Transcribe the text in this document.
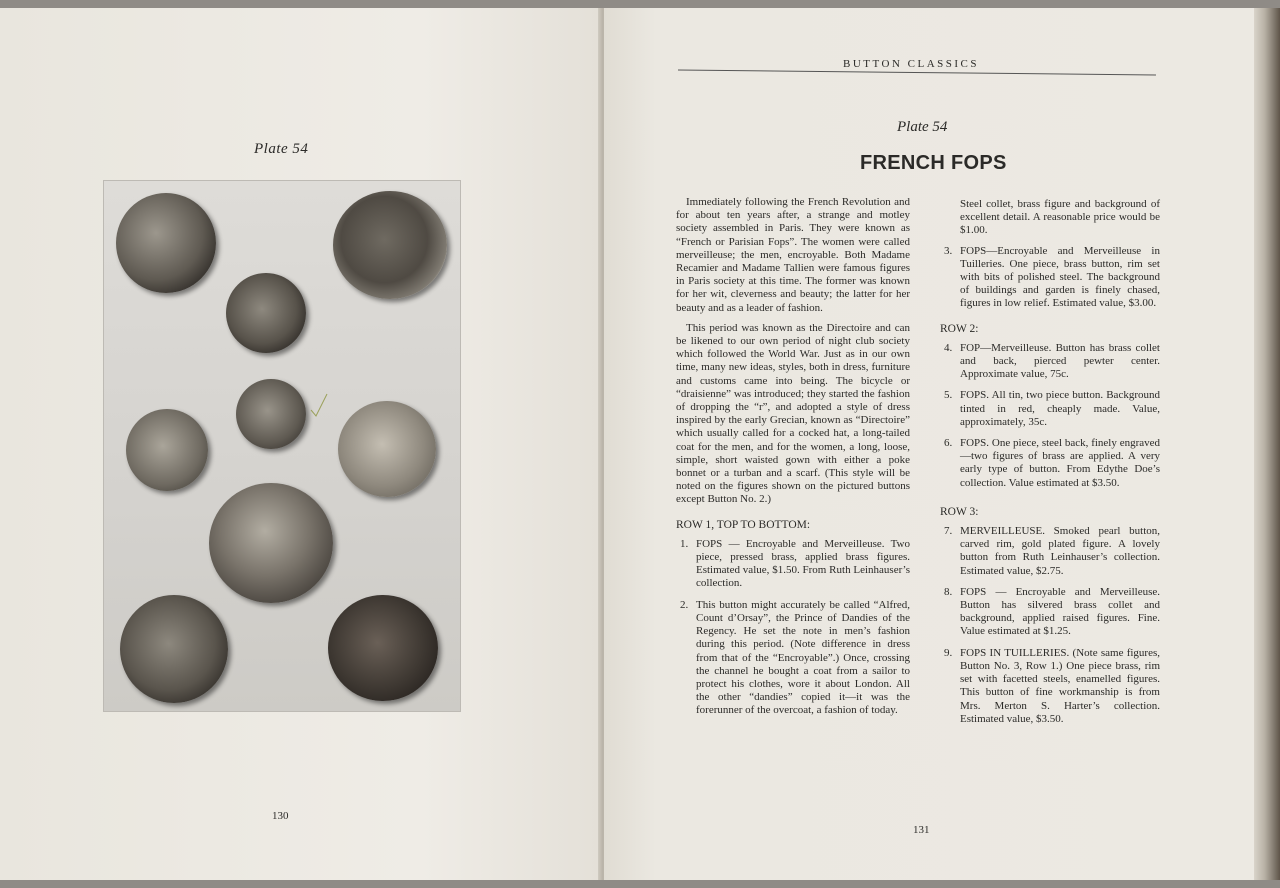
Plate 54
130
BUTTON CLASSICS
Plate 54
FRENCH FOPS

Immediately following the French Revolution and for about ten years after, a strange and motley society assembled in Paris. They were known as “French or Parisian Fops”. The women were called merveilleuse; the men, encroyable. Both Madame Recamier and Madame Tallien were famous figures in Paris society at this time. The former was known for her wit, cleverness and beauty; the latter for her beauty and as a leader of fashion.

This period was known as the Directoire and can be likened to our own period of night club society which followed the World War. Just as in our own time, many new ideas, styles, both in dress, furniture and customs came into being. The bicycle or “draisienne” was introduced; they started the fashion of dropping the “r”, and adopted a style of dress inspired by the early Grecian, known as “Directoire” which usually called for a cocked hat, a long-tailed coat for the men, and for the women, a long, loose, simple, short waisted gown with either a poke bonnet or a turban and a scarf. (This style will be noted on the figures shown on the pictured buttons except Button No. 2.)

ROW 1, TOP TO BOTTOM:
1. FOPS — Encroyable and Merveilleuse. Two piece, pressed brass, applied brass figures. Estimated value, $1.50. From Ruth Leinhauser’s collection.
2. This button might accurately be called “Alfred, Count d’Orsay”, the Prince of Dandies of the Regency. He set the note in men’s fashion during this period. (Note difference in dress from that of the “Encroyable”.) Once, crossing the channel he bought a coat from a sailor to protect his clothes, wore it about London. All the other “dandies” copied it—it was the forerunner of the overcoat, a fashion of today.

Steel collet, brass figure and background of excellent detail. A reasonable price would be $1.00.

3. FOPS—Encroyable and Merveilleuse in Tuilleries. One piece, brass button, rim set with bits of polished steel. The background of buildings and garden is finely chased, figures in low relief. Estimated value, $3.00.
ROW 2:
4. FOP—Merveilleuse. Button has brass collet and back, pierced pewter center. Approximate value, 75c.
5. FOPS. All tin, two piece button. Background tinted in red, cheaply made. Value, approximately, 35c.
6. FOPS. One piece, steel back, finely engraved—two figures of brass are applied. A very early type of button. From Edythe Doe’s collection. Value estimated at $3.50.
ROW 3:
7. MERVEILLEUSE. Smoked pearl button, carved rim, gold plated figure. A lovely button from Ruth Leinhauser’s collection. Estimated value, $2.75.
8. FOPS — Encroyable and Merveilleuse. Button has silvered brass collet and background, applied raised figures. Fine. Value estimated at $1.25.
9. FOPS IN TUILLERIES. (Note same figures, Button No. 3, Row 1.) One piece brass, rim set with facetted steels, enamelled figures. This button of fine workmanship is from Mrs. Merton S. Harter’s collection. Estimated value, $3.50.
131
